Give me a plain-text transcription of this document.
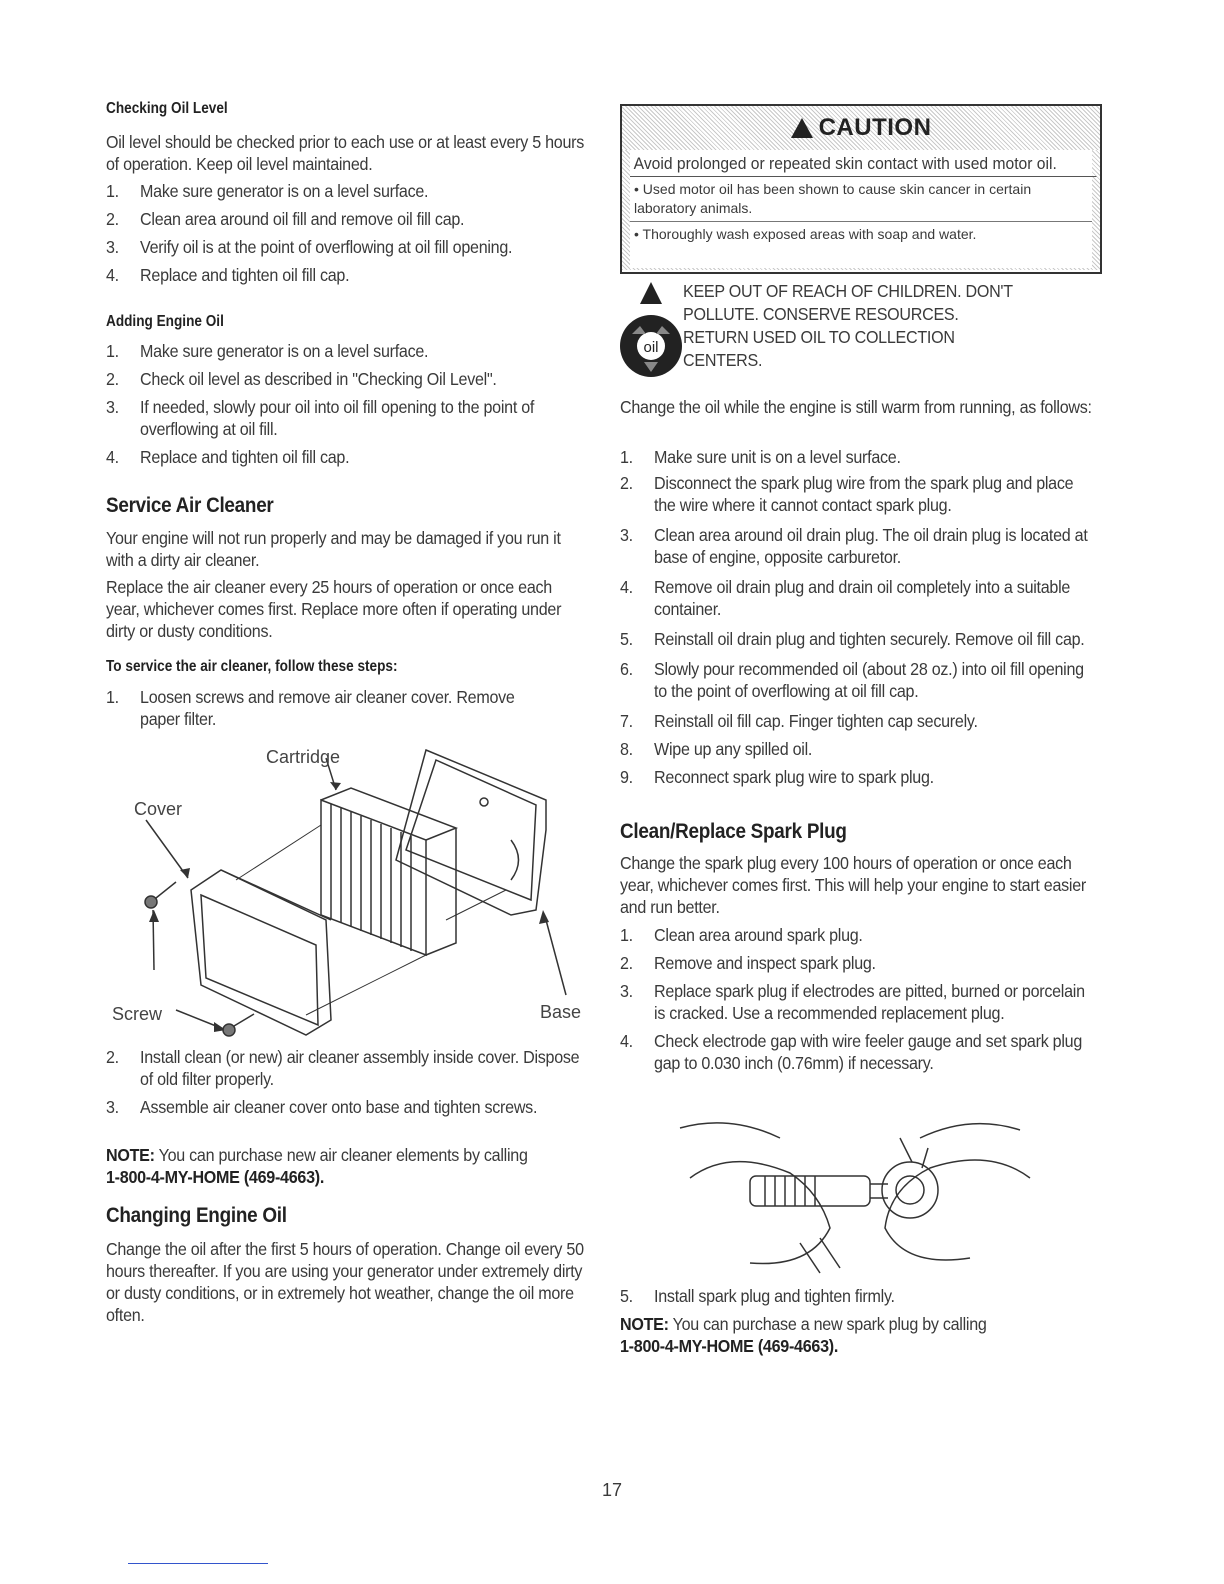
Checking Oil Level

Oil level should be checked prior to each use or at least every 5 hours of operation. Keep oil level maintained.

1.	Make sure generator is on a level surface.
2.	Clean area around oil fill and remove oil fill cap.
3.	Verify oil is at the point of overflowing at oil fill opening.
4.	Replace and tighten oil fill cap.
Adding Engine Oil
1.	Make sure generator is on a level surface.
2.	Check oil level as described in "Checking Oil Level".
3.	If needed, slowly pour oil into oil fill opening to the point of overflowing at oil fill.
4.	Replace and tighten oil fill cap.
Service Air Cleaner

Your engine will not run properly and may be damaged if you run it with a dirty air cleaner.

Replace the air cleaner every 25 hours of operation or once each year, whichever comes first. Replace more often if operating under dirty or dusty conditions.

To service the air cleaner, follow these steps:
1.	Loosen screws and remove air cleaner cover. Remove paper filter.
Cartridge
Cover
Screw	Base
2.	Install clean (or new) air cleaner assembly inside cover. Dispose of old filter properly.
3.	Assemble air cleaner cover onto base and tighten screws.

NOTE: You can purchase new air cleaner elements by calling
1-800-4-MY-HOME (469-4663).

Changing Engine Oil

Change the oil after the first 5 hours of operation. Change oil every 50 hours thereafter. If you are using your generator under extremely dirty or dusty conditions, or in extremely hot weather, change the oil more often.

CAUTION
Avoid prolonged or repeated skin contact with used motor oil.
• Used motor oil has been shown to cause skin cancer in certain laboratory animals.
• Thoroughly wash exposed areas with soap and water.
oil

KEEP OUT OF REACH OF CHILDREN. DON'T POLLUTE. CONSERVE RESOURCES. RETURN USED OIL TO COLLECTION CENTERS.

Change the oil while the engine is still warm from running, as follows:

1.	Make sure unit is on a level surface.
2.	Disconnect the spark plug wire from the spark plug and place the wire where it cannot contact spark plug.
3.	Clean area around oil drain plug. The oil drain plug is located at base of engine, opposite carburetor.
4.	Remove oil drain plug and drain oil completely into a suitable container.
5.	Reinstall oil drain plug and tighten securely. Remove oil fill cap.
6.	Slowly pour recommended oil (about 28 oz.) into oil fill opening to the point of overflowing at oil fill cap.
7.	Reinstall oil fill cap. Finger tighten cap securely.
8.	Wipe up any spilled oil.
9.	Reconnect spark plug wire to spark plug.
Clean/Replace Spark Plug

Change the spark plug every 100 hours of operation or once each year, whichever comes first. This will help your engine to start easier and run better.

1.	Clean area around spark plug.
2.	Remove and inspect spark plug.
3.	Replace spark plug if electrodes are pitted, burned or porcelain is cracked. Use a recommended replacement plug.
4.	Check electrode gap with wire feeler gauge and set spark plug gap to 0.030 inch (0.76mm) if necessary.
5.	Install spark plug and tighten firmly.

NOTE: You can purchase a new spark plug by calling
1-800-4-MY-HOME (469-4663).

17
